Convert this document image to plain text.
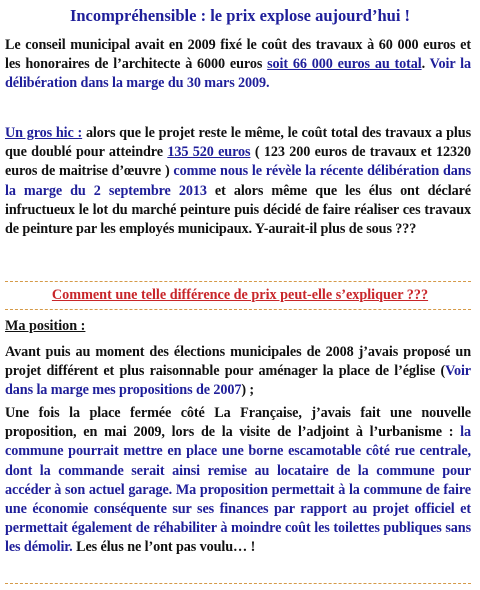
Incompréhensible : le prix explose aujourd’hui !
Le conseil municipal avait en 2009 fixé le coût des travaux à 60 000 euros et les honoraires de l’architecte à 6000 euros soit 66 000 euros au total. Voir la délibération dans la marge du 30 mars 2009.
Un gros hic : alors que le projet reste le même, le coût total des travaux a plus que doublé pour atteindre 135 520 euros ( 123 200 euros de travaux et 12320 euros de maitrise d’œuvre ) comme nous le révèle la récente délibération dans la marge du 2 septembre 2013 et alors même que les élus ont déclaré infructueux le lot du marché peinture puis décidé de faire réaliser ces travaux de peinture par les employés municipaux. Y-aurait-il plus de sous ???
Comment une telle différence de prix peut-elle s’expliquer ???
Ma position :
Avant puis au moment des élections municipales de 2008 j’avais proposé un projet différent et plus raisonnable pour aménager la place de l’église (Voir dans la marge mes propositions de 2007) ;
Une fois la place fermée côté La Française, j’avais fait une nouvelle proposition, en mai 2009, lors de la visite de l’adjoint à l’urbanisme : la commune pourrait mettre en place une borne escamotable côté rue centrale, dont la commande serait ainsi remise au locataire de la commune pour accéder à son actuel garage. Ma proposition permettait à la commune de faire une économie conséquente sur ses finances par rapport au projet officiel et permettait également de réhabiliter à moindre coût les toilettes publiques sans les démolir. Les élus ne l’ont pas voulu… !
